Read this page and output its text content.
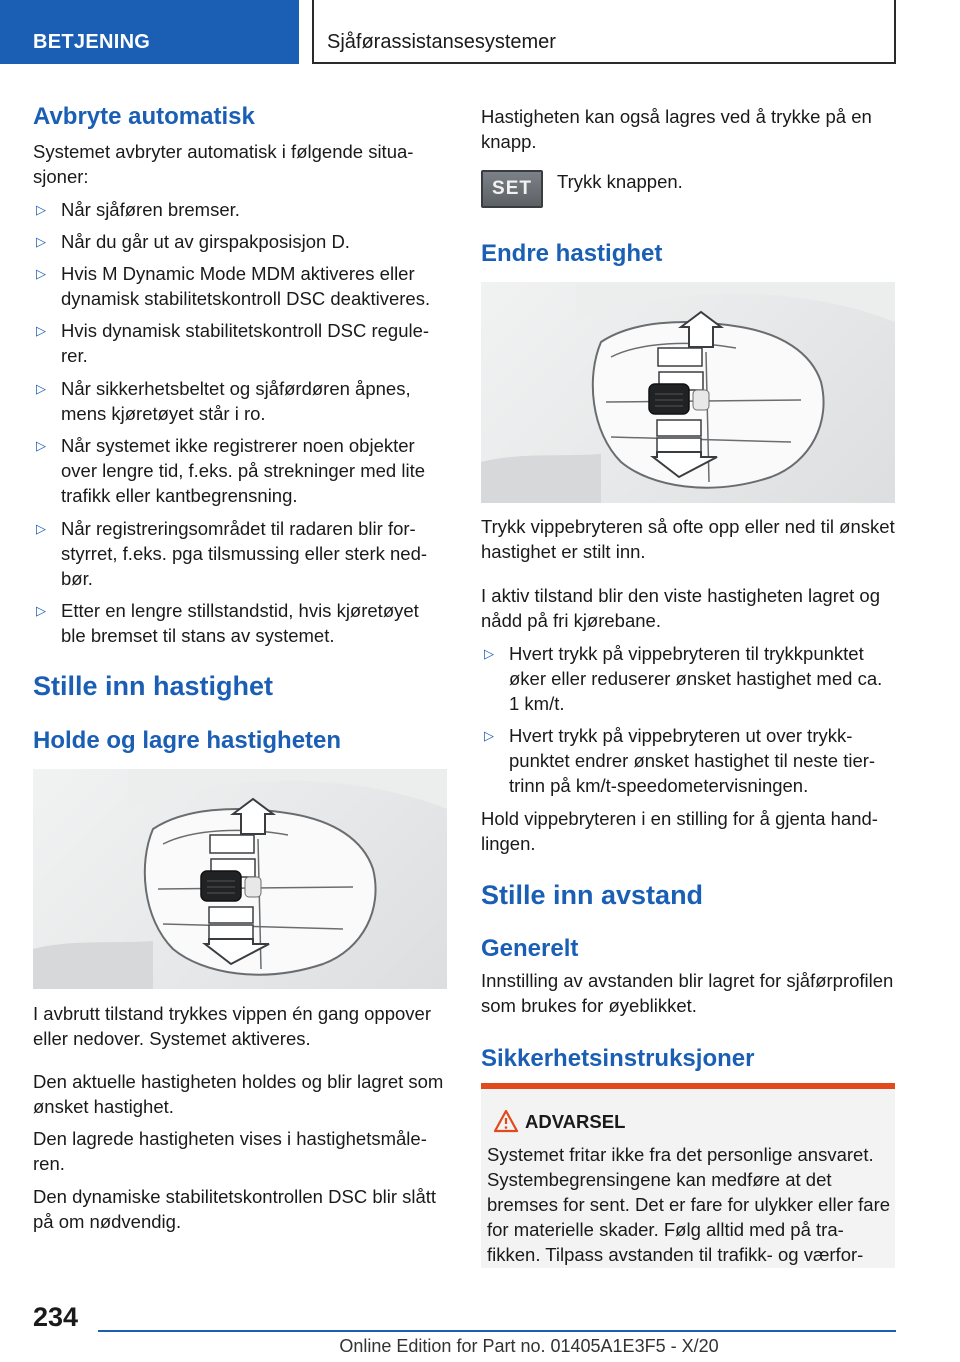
BETJENING	Sjåførassistansesystemer
Avbryte automatisk
Systemet avbryter automatisk i følgende situasjoner:
▷ Når sjåføren bremser.
▷ Når du går ut av girspakposisjon D.
▷ Hvis M Dynamic Mode MDM aktiveres eller dynamisk stabilitetskontroll DSC deaktiveres.
▷ Hvis dynamisk stabilitetskontroll DSC regulerer.
▷ Når sikkerhetsbeltet og sjåførdøren åpnes, mens kjøretøyet står i ro.
▷ Når systemet ikke registrerer noen objekter over lengre tid, f.eks. på strekninger med lite trafikk eller kantbegrensning.
▷ Når registreringsområdet til radaren blir forstyrret, f.eks. pga tilsmussing eller sterk nedbør.
▷ Etter en lengre stillstandstid, hvis kjøretøyet ble bremset til stans av systemet.
Stille inn hastighet
Holde og lagre hastigheten
I avbrutt tilstand trykkes vippen én gang oppover eller nedover. Systemet aktiveres.
Den aktuelle hastigheten holdes og blir lagret som ønsket hastighet.
Den lagrede hastigheten vises i hastighetsmåleren.
Den dynamiske stabilitetskontrollen DSC blir slått på om nødvendig.
Hastigheten kan også lagres ved å trykke på en knapp.
SET	Trykk knappen.
Endre hastighet
Trykk vippebryteren så ofte opp eller ned til ønsket hastighet er stilt inn.
I aktiv tilstand blir den viste hastigheten lagret og nådd på fri kjørebane.
▷ Hvert trykk på vippebryteren til trykkpunktet øker eller reduserer ønsket hastighet med ca. 1 km/t.
▷ Hvert trykk på vippebryteren ut over trykkpunktet endrer ønsket hastighet til neste tiertrinn på km/t-speedometervisningen.
Hold vippebryteren i en stilling for å gjenta handlingen.
Stille inn avstand
Generelt
Innstilling av avstanden blir lagret for sjåførprofilen som brukes for øyeblikket.
Sikkerhetsinstruksjoner
ADVARSEL
Systemet fritar ikke fra det personlige ansvaret. Systembegrensingene kan medføre at det bremses for sent. Det er fare for ulykker eller fare for materielle skader. Følg alltid med på trafikken. Tilpass avstanden til trafikk- og værfor-
234
Online Edition for Part no. 01405A1E3F5 - X/20
